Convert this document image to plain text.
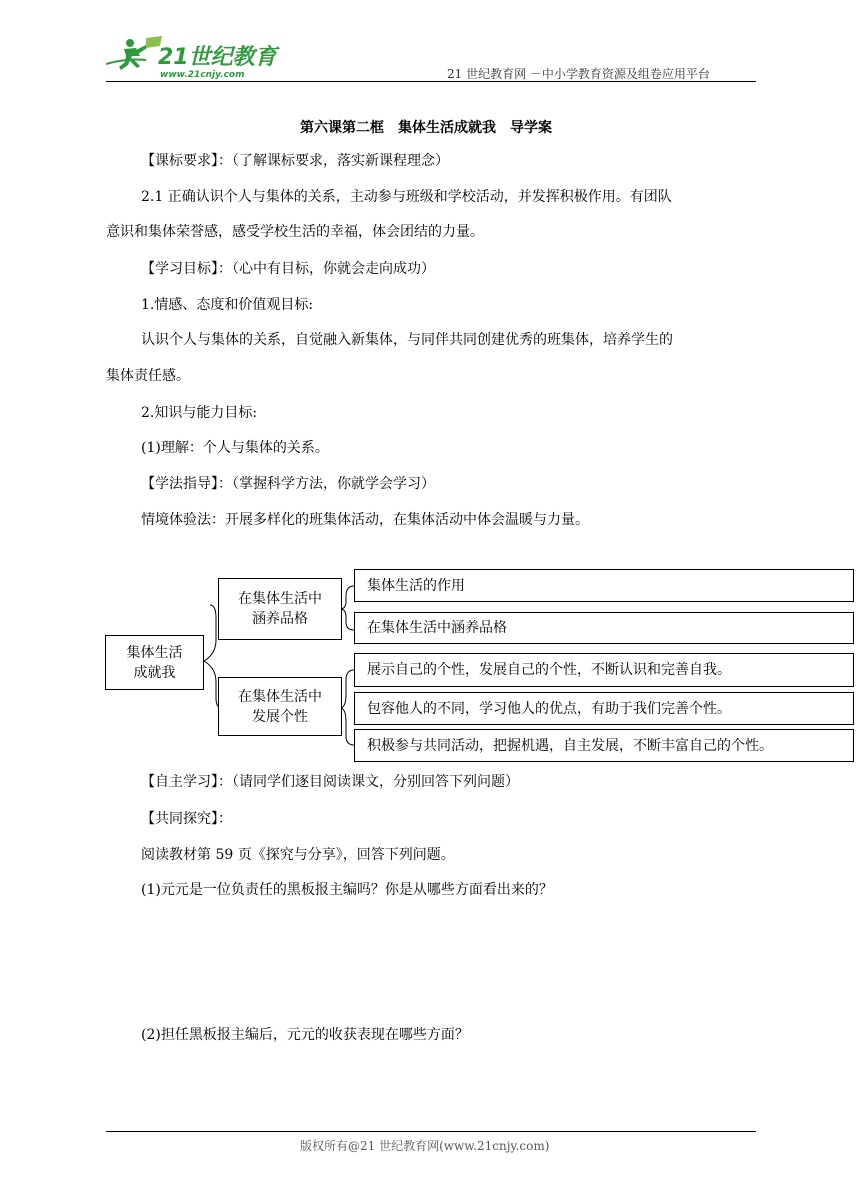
21世纪教育
www.21cnjy.com	21 世纪教育网 －中小学教育资源及组卷应用平台
第六课第二框　集体生活成就我　导学案
【课标要求】：（了解课标要求，落实新课程理念）
2.1 正确认识个人与集体的关系，主动参与班级和学校活动，并发挥积极作用。有团队
意识和集体荣誉感，感受学校生活的幸福，体会团结的力量。
【学习目标】：（心中有目标，你就会走向成功）
1.情感、态度和价值观目标:
认识个人与集体的关系，自觉融入新集体，与同伴共同创建优秀的班集体，培养学生的
集体责任感。
2.知识与能力目标:
(1)理解：个人与集体的关系。
【学法指导】：（掌握科学方法，你就学会学习）
情境体验法：开展多样化的班集体活动，在集体活动中体会温暖与力量。
集体生活
成就我
在集体生活中
涵养品格
在集体生活中
发展个性
集体生活的作用
在集体生活中涵养品格
展示自己的个性，发展自己的个性，不断认识和完善自我。
包容他人的不同，学习他人的优点，有助于我们完善个性。
积极参与共同活动，把握机遇，自主发展，不断丰富自己的个性。
【自主学习】：（请同学们逐目阅读课文，分别回答下列问题）
【共同探究】：
阅读教材第 59 页《探究与分享》，回答下列问题。
(1)元元是一位负责任的黑板报主编吗？你是从哪些方面看出来的？
(2)担任黑板报主编后，元元的收获表现在哪些方面？
版权所有@21 世纪教育网(www.21cnjy.com)
